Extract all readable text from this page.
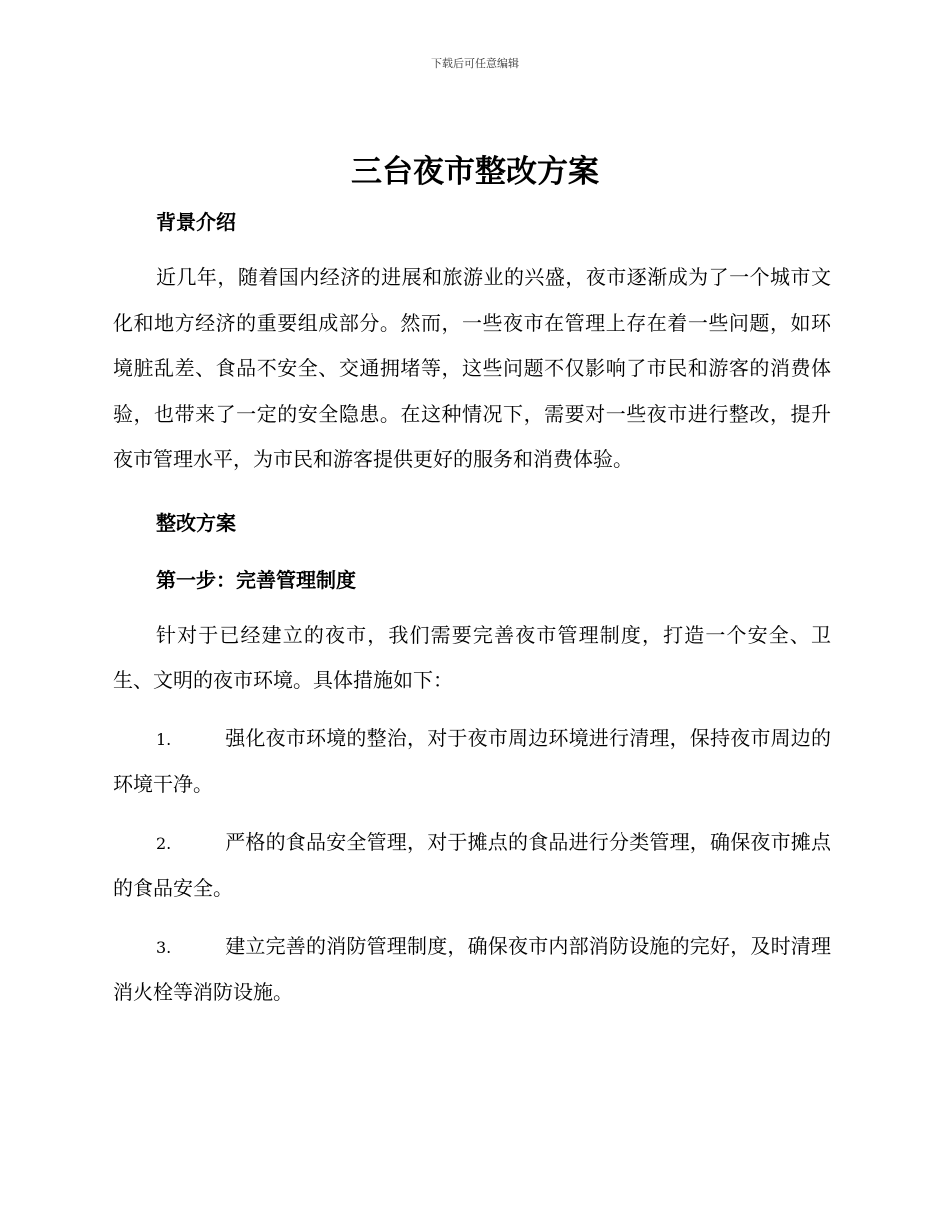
下载后可任意编辑
三台夜市整改方案

背景介绍

近几年，随着国内经济的进展和旅游业的兴盛，夜市逐渐成为了一个城市文化和地方经济的重要组成部分。然而，一些夜市在管理上存在着一些问题，如环境脏乱差、食品不安全、交通拥堵等，这些问题不仅影响了市民和游客的消费体验，也带来了一定的安全隐患。在这种情况下，需要对一些夜市进行整改，提升夜市管理水平，为市民和游客提供更好的服务和消费体验。

整改方案

第一步：完善管理制度

针对于已经建立的夜市，我们需要完善夜市管理制度，打造一个安全、卫生、文明的夜市环境。具体措施如下：

1.	强化夜市环境的整治，对于夜市周边环境进行清理，保持夜市周边的环境干净。

2.	严格的食品安全管理，对于摊点的食品进行分类管理，确保夜市摊点的食品安全。

3.	建立完善的消防管理制度，确保夜市内部消防设施的完好，及时清理消火栓等消防设施。
